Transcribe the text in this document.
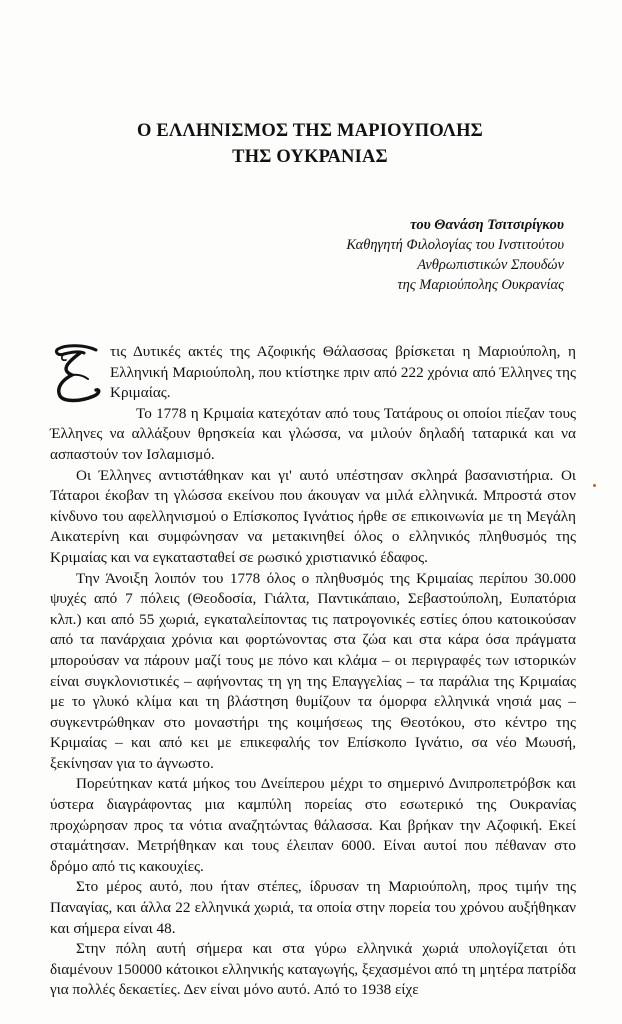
Ο ΕΛΛΗΝΙΣΜΟΣ ΤΗΣ ΜΑΡΙΟΥΠΟΛΗΣ
ΤΗΣ ΟΥΚΡΑΝΙΑΣ
του Θανάση Τσιτσιρίγκου
Καθηγητή Φιλολογίας του Ινστιτούτου
Ανθρωπιστικών Σπουδών
της Μαριούπολης Ουκρανίας

τις Δυτικές ακτές της Αζοφικής Θάλασσας βρίσκεται η Μαριούπολη, η Ελληνική Μαριούπολη, που κτίστηκε πριν από 222 χρόνια από Έλληνες της Κριμαίας.

Το 1778 η Κριμαία κατεχόταν από τους Τατάρους οι οποίοι πίεζαν τους Έλληνες να αλλάξουν θρησκεία και γλώσσα, να μιλούν δηλαδή ταταρικά και να ασπαστούν τον Ισλαμισμό.

Οι Έλληνες αντιστάθηκαν και γι' αυτό υπέστησαν σκληρά βασανιστήρια. Οι Τάταροι έκοβαν τη γλώσσα εκείνου που άκουγαν να μιλά ελληνικά. Μπροστά στον κίνδυνο του αφελληνισμού ο Επίσκοπος Ιγνάτιος ήρθε σε επικοινωνία με τη Μεγάλη Αικατερίνη και συμφώνησαν να μετακινηθεί όλος ο ελληνικός πληθυσμός της Κριμαίας και να εγκατασταθεί σε ρωσικό χριστιανικό έδαφος.

Την Άνοιξη λοιπόν του 1778 όλος ο πληθυσμός της Κριμαίας περίπου 30.000 ψυχές από 7 πόλεις (Θεοδοσία, Γιάλτα, Παντικάπαιο, Σεβαστούπολη, Ευπατόρια κλπ.) και από 55 χωριά, εγκαταλείποντας τις πατρογονικές εστίες όπου κατοικούσαν από τα πανάρχαια χρόνια και φορτώνοντας στα ζώα και στα κάρα όσα πράγματα μπορούσαν να πάρουν μαζί τους με πόνο και κλάμα – οι περιγραφές των ιστορικών είναι συγκλονιστικές – αφήνοντας τη γη της Επαγγελίας – τα παράλια της Κριμαίας με το γλυκό κλίμα και τη βλάστηση θυμίζουν τα όμορφα ελληνικά νησιά μας – συγκεντρώθηκαν στο μοναστήρι της κοιμήσεως της Θεοτόκου, στο κέντρο της Κριμαίας – και από κει με επικεφαλής τον Επίσκοπο Ιγνάτιο, σα νέο Μωυσή, ξεκίνησαν για το άγνωστο.

Πορεύτηκαν κατά μήκος του Δνείπερου μέχρι το σημερινό Δνιπροπετρόβσκ και ύστερα διαγράφοντας μια καμπύλη πορείας στο εσωτερικό της Ουκρανίας προχώρησαν προς τα νότια αναζητώντας θάλασσα. Και βρήκαν την Αζοφική. Εκεί σταμάτησαν. Μετρήθηκαν και τους έλειπαν 6000. Είναι αυτοί που πέθαναν στο δρόμο από τις κακουχίες.

Στο μέρος αυτό, που ήταν στέπες, ίδρυσαν τη Μαριούπολη, προς τιμήν της Παναγίας, και άλλα 22 ελληνικά χωριά, τα οποία στην πορεία του χρόνου αυξήθηκαν και σήμερα είναι 48.

Στην πόλη αυτή σήμερα και στα γύρω ελληνικά χωριά υπολογίζεται ότι διαμένουν 150000 κάτοικοι ελληνικής καταγωγής, ξεχασμένοι από τη μητέρα πατρίδα για πολλές δεκαετίες. Δεν είναι μόνο αυτό. Από το 1938 είχε
